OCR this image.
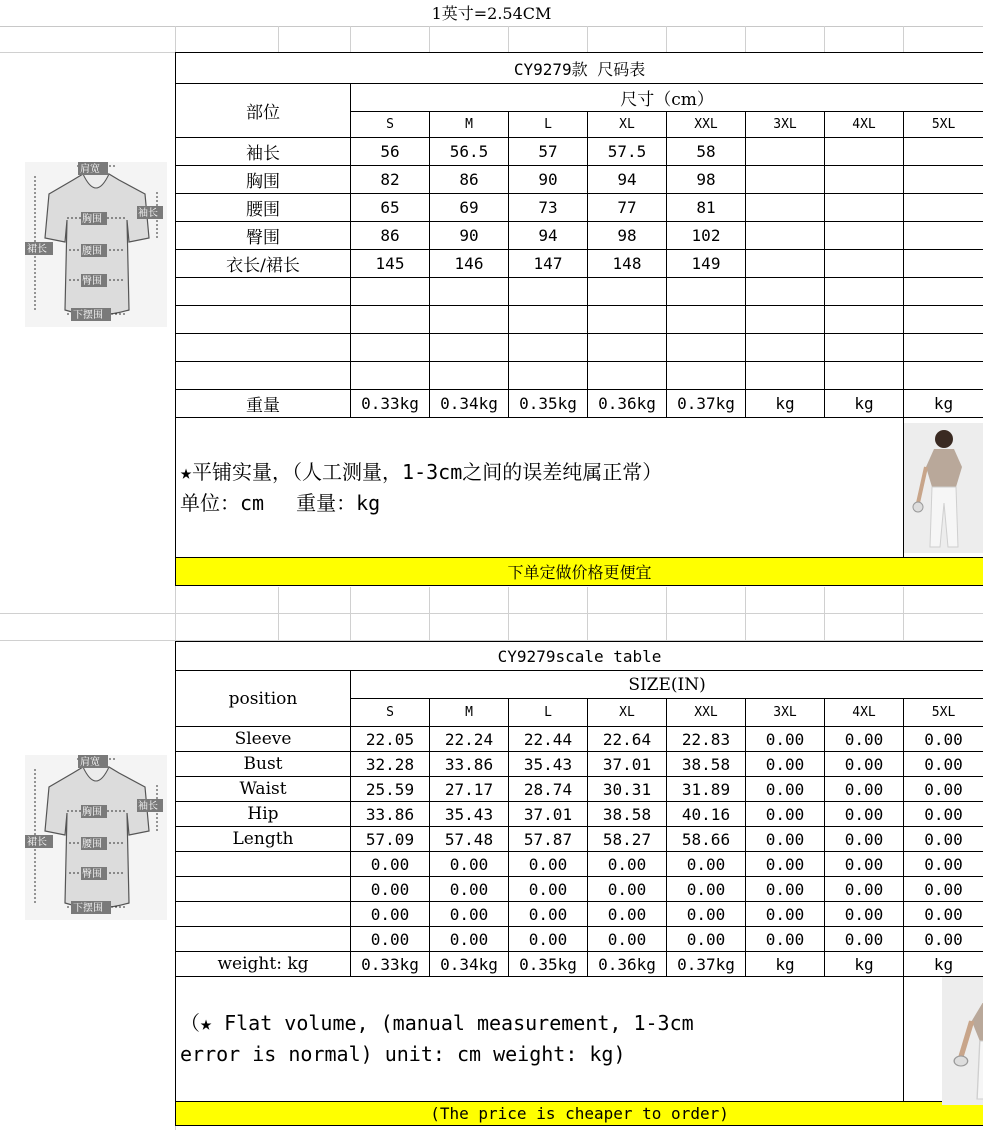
1英寸=2.54CM
肩宽
袖长
胸围
腰围
臀围
裙长
下摆围
肩宽
袖长
胸围
腰围
臀围
裙长
下摆围
CY9279款 尺码表								
部位	尺寸（cm）							
	S	M	L	XL	XXL	3XL	4XL	5XL
袖长	56	56.5	57	57.5	58			
胸围	82	86	90	94	98			
腰围	65	69	73	77	81			
臀围	86	90	94	98	102			
衣长/裙长	145	146	147	148	149			

重量	0.33kg	0.34kg	0.35kg	0.36kg	0.37kg	kg	kg	kg

★平铺实量，（人工测量，1-3cm之间的误差纯属正常）
单位：cm　 重量：kg

下单定做价格更便宜								
CY9279scale table								
position	SIZE(IN)							
	S	M	L	XL	XXL	3XL	4XL	5XL
Sleeve	22.05	22.24	22.44	22.64	22.83	0.00	0.00	0.00
Bust	32.28	33.86	35.43	37.01	38.58	0.00	0.00	0.00
Waist	25.59	27.17	28.74	30.31	31.89	0.00	0.00	0.00
Hip	33.86	35.43	37.01	38.58	40.16	0.00	0.00	0.00
Length	57.09	57.48	57.87	58.27	58.66	0.00	0.00	0.00
	0.00	0.00	0.00	0.00	0.00	0.00	0.00	0.00
	0.00	0.00	0.00	0.00	0.00	0.00	0.00	0.00
	0.00	0.00	0.00	0.00	0.00	0.00	0.00	0.00
	0.00	0.00	0.00	0.00	0.00	0.00	0.00	0.00
weight: kg	0.33kg	0.34kg	0.35kg	0.36kg	0.37kg	kg	kg	kg

（★ Flat volume, (manual measurement, 1-3cm
error is normal) unit: cm weight: kg)

(The price is cheaper to order)								
